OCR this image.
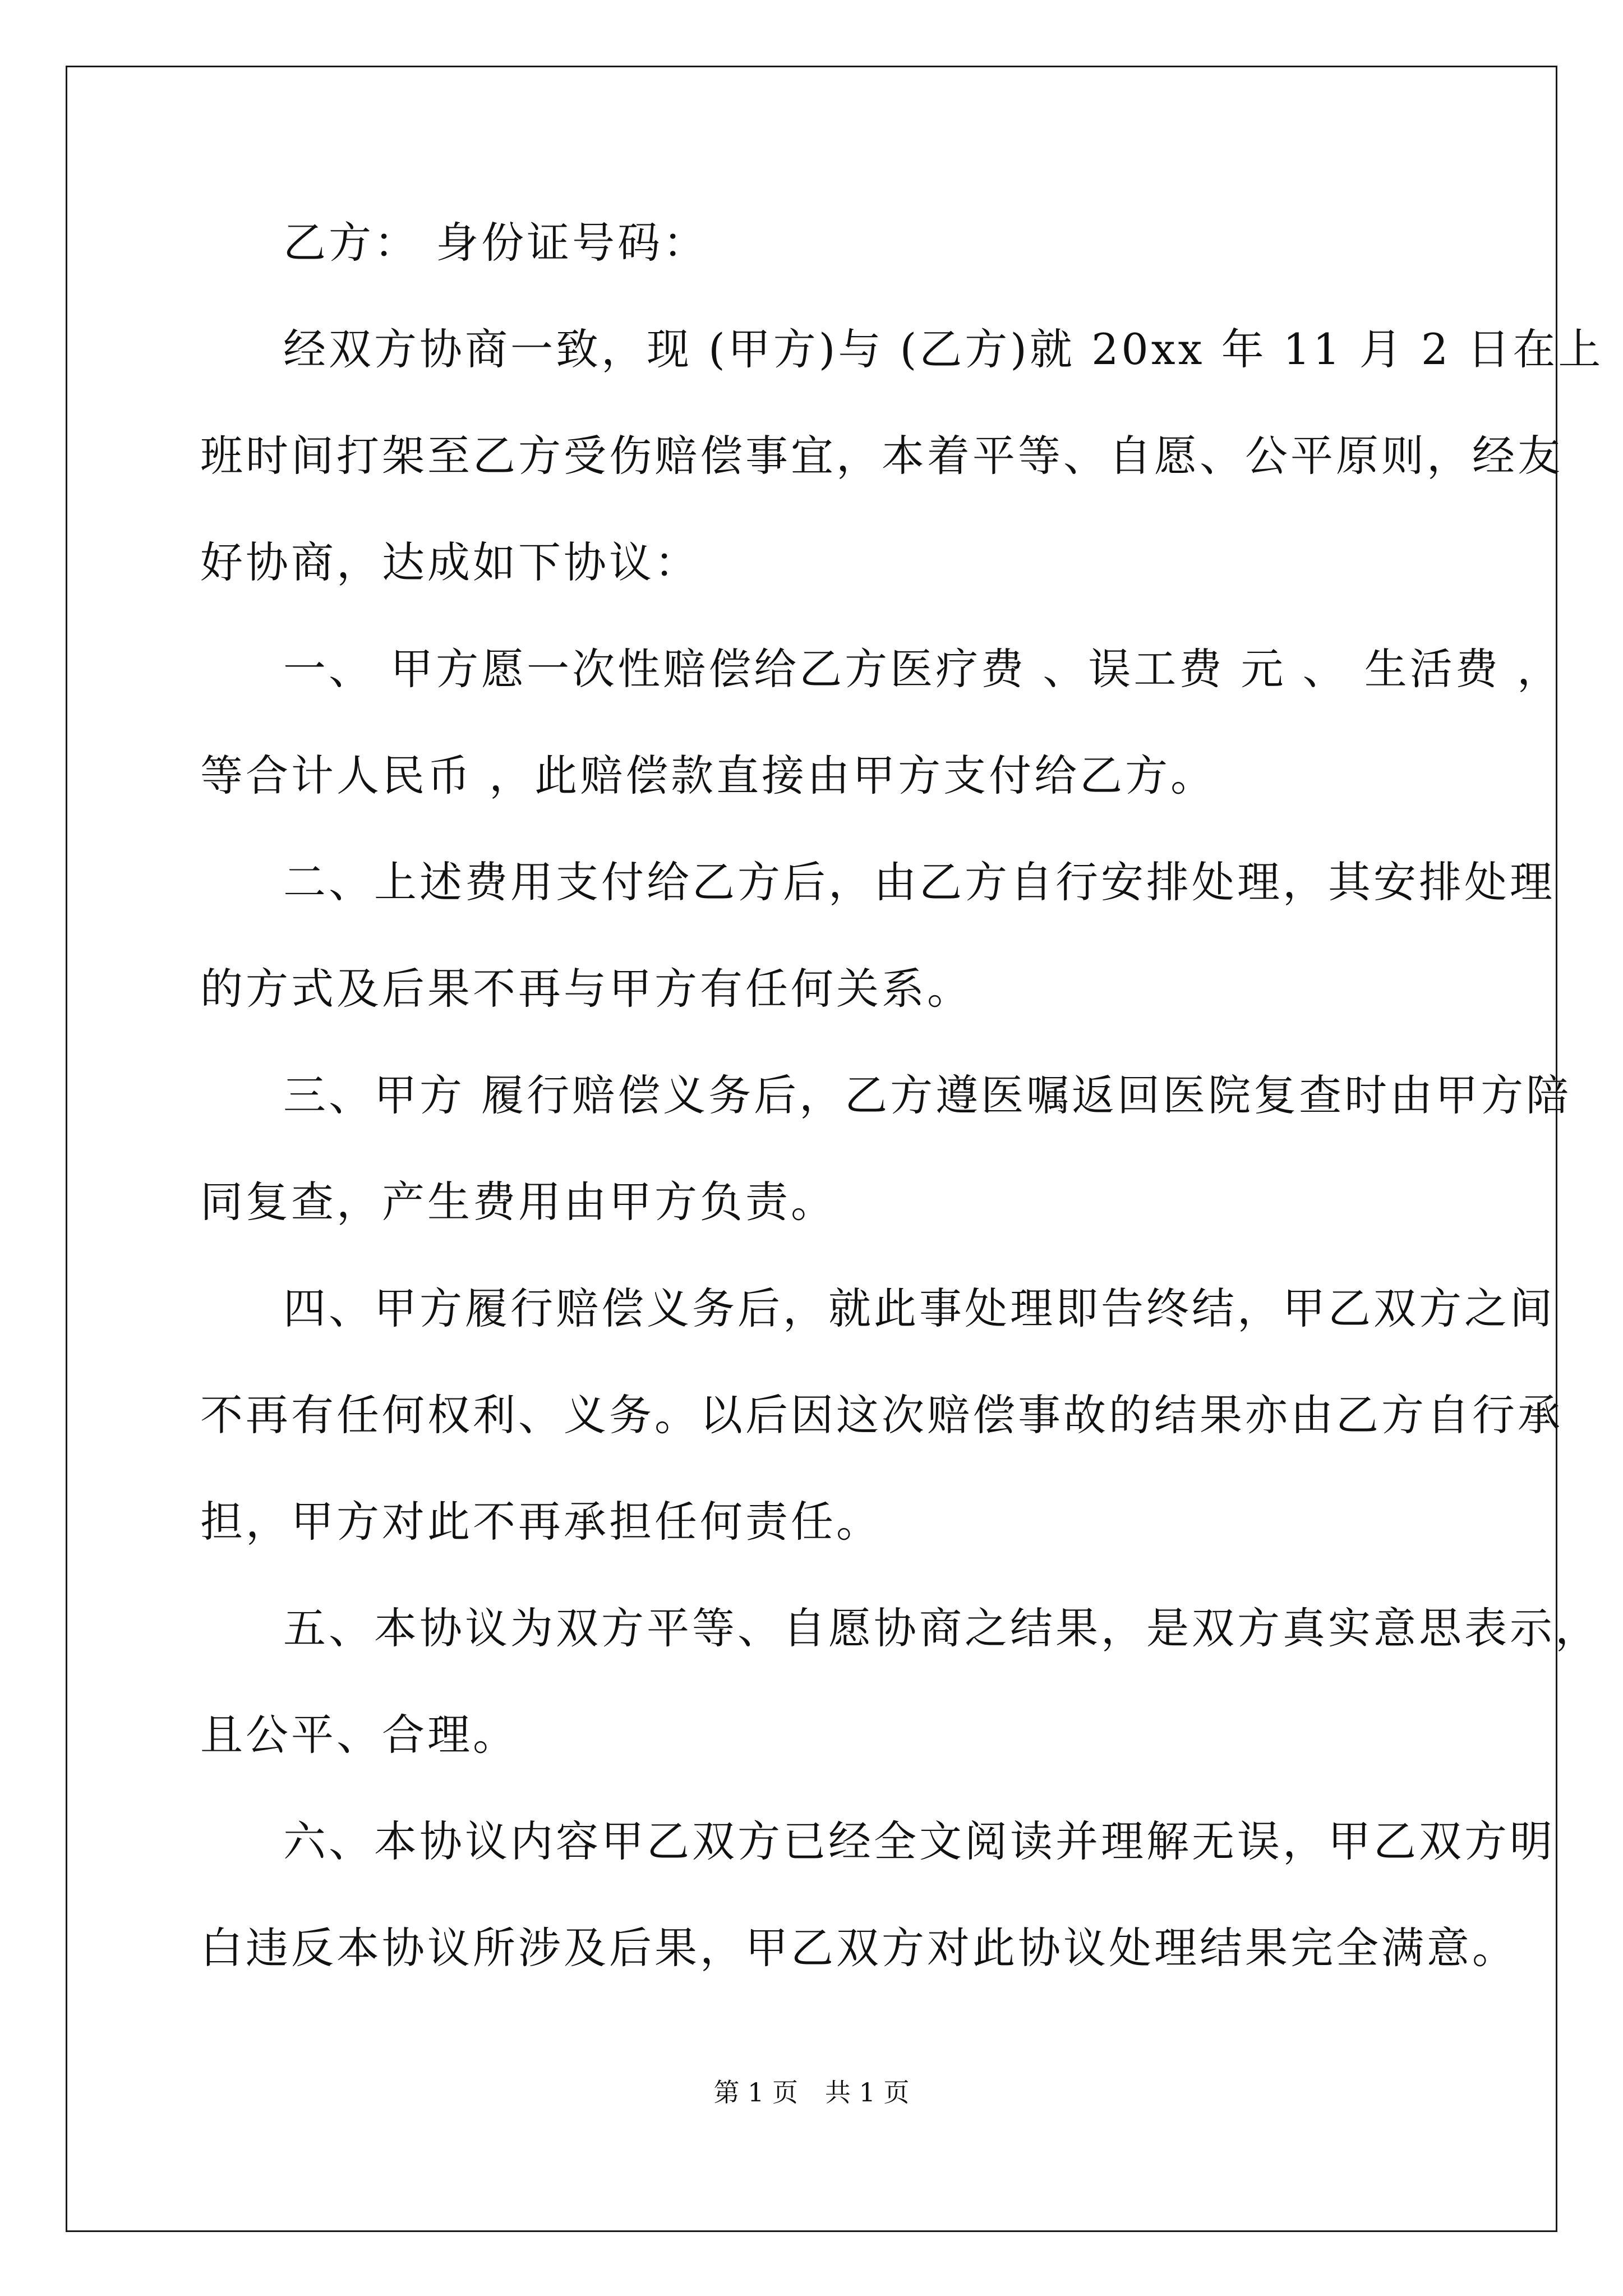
乙方： 身份证号码：
经双方协商一致，现 (甲方)与 (乙方)就 20xx 年 11 月 2 日在上
班时间打架至乙方受伤赔偿事宜，本着平等、自愿、公平原则，经友
好协商，达成如下协议：
一、 甲方愿一次性赔偿给乙方医疗费 、误工费 元 、 生活费 ，
等合计人民币 ，此赔偿款直接由甲方支付给乙方。
二、上述费用支付给乙方后，由乙方自行安排处理，其安排处理
的方式及后果不再与甲方有任何关系。
三、甲方 履行赔偿义务后，乙方遵医嘱返回医院复查时由甲方陪
同复查，产生费用由甲方负责。
四、甲方履行赔偿义务后，就此事处理即告终结，甲乙双方之间
不再有任何权利、义务。以后因这次赔偿事故的结果亦由乙方自行承
担，甲方对此不再承担任何责任。
五、本协议为双方平等、自愿协商之结果，是双方真实意思表示，
且公平、合理。
六、本协议内容甲乙双方已经全文阅读并理解无误，甲乙双方明
白违反本协议所涉及后果，甲乙双方对此协议处理结果完全满意。
第 1 页 共 1 页
